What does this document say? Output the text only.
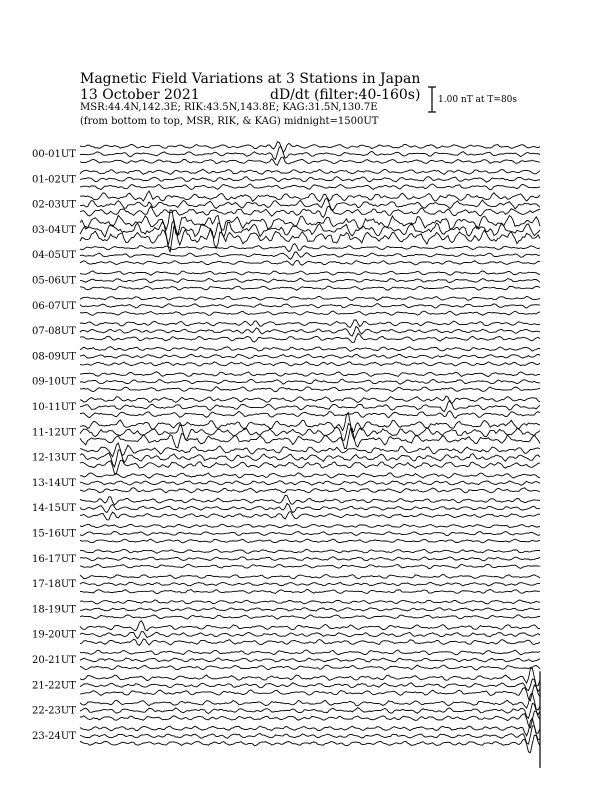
Magnetic Field Variations at 3 Stations in Japan
13 October 2021	dD/dt (filter:40-160s)
MSR:44.4N,142.3E; RIK:43.5N,143.8E; KAG:31.5N,130.7E
(from bottom to top, MSR, RIK, & KAG) midnight=1500UT
1.00 nT at T=80s
00-01UT
01-02UT
02-03UT
03-04UT
04-05UT
05-06UT
06-07UT
07-08UT
08-09UT
09-10UT
10-11UT
11-12UT
12-13UT
13-14UT
14-15UT
15-16UT
16-17UT
17-18UT
18-19UT
19-20UT
20-21UT
21-22UT
22-23UT
23-24UT
